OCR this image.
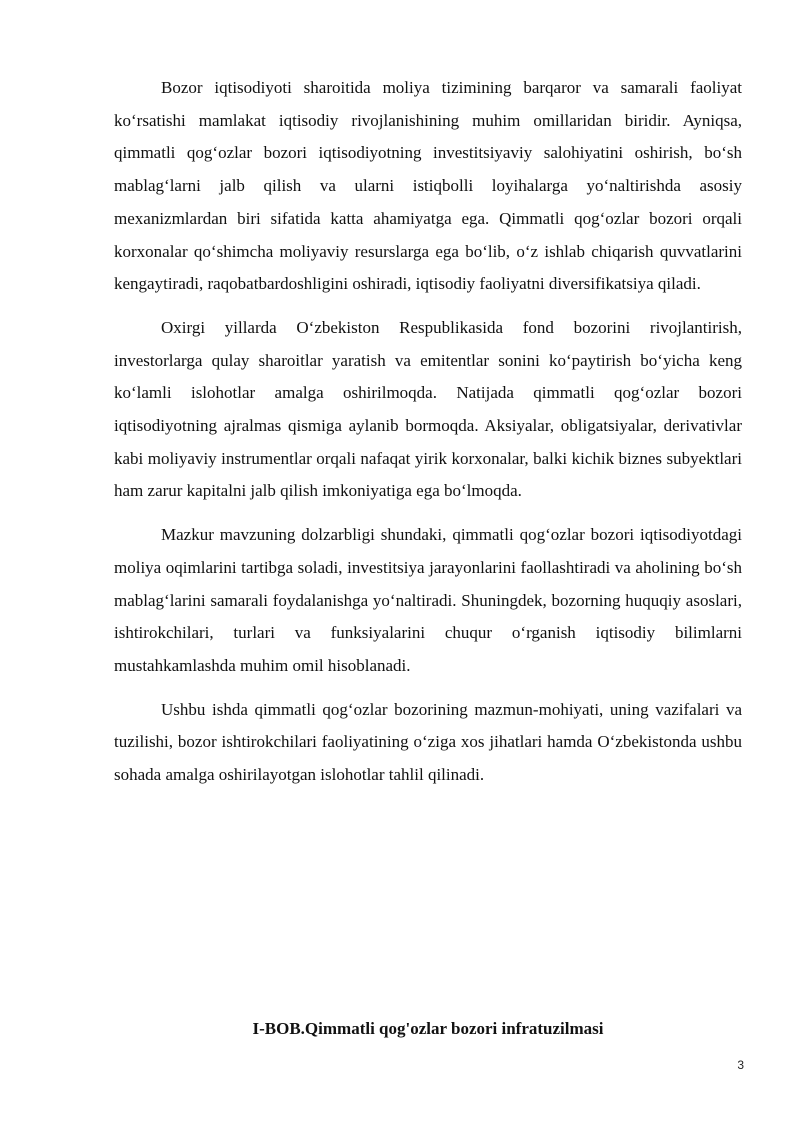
Bozor iqtisodiyoti sharoitida moliya tizimining barqaror va samarali faoliyat ko‘rsatishi mamlakat iqtisodiy rivojlanishining muhim omillaridan biridir. Ayniqsa, qimmatli qog‘ozlar bozori iqtisodiyotning investitsiyaviy salohiyatini oshirish, bo‘sh mablag‘larni jalb qilish va ularni istiqbolli loyihalarga yo‘naltirishda asosiy mexanizmlardan biri sifatida katta ahamiyatga ega. Qimmatli qog‘ozlar bozori orqali korxonalar qo‘shimcha moliyaviy resurslarga ega bo‘lib, o‘z ishlab chiqarish quvvatlarini kengaytiradi, raqobatbardoshligini oshiradi, iqtisodiy faoliyatni diversifikatsiya qiladi.

Oxirgi yillarda O‘zbekiston Respublikasida fond bozorini rivojlantirish, investorlarga qulay sharoitlar yaratish va emitentlar sonini ko‘paytirish bo‘yicha keng ko‘lamli islohotlar amalga oshirilmoqda. Natijada qimmatli qog‘ozlar bozori iqtisodiyotning ajralmas qismiga aylanib bormoqda. Aksiyalar, obligatsiyalar, derivativlar kabi moliyaviy instrumentlar orqali nafaqat yirik korxonalar, balki kichik biznes subyektlari ham zarur kapitalni jalb qilish imkoniyatiga ega bo‘lmoqda.

Mazkur mavzuning dolzarbligi shundaki, qimmatli qog‘ozlar bozori iqtisodiyotdagi moliya oqimlarini tartibga soladi, investitsiya jarayonlarini faollashtiradi va aholining bo‘sh mablag‘larini samarali foydalanishga yo‘naltiradi. Shuningdek, bozorning huquqiy asoslari, ishtirokchilari, turlari va funksiyalarini chuqur o‘rganish iqtisodiy bilimlarni mustahkamlashda muhim omil hisoblanadi.

Ushbu ishda qimmatli qog‘ozlar bozorining mazmun-mohiyati, uning vazifalari va tuzilishi, bozor ishtirokchilari faoliyatining o‘ziga xos jihatlari hamda O‘zbekistonda ushbu sohada amalga oshirilayotgan islohotlar tahlil qilinadi.

I-BOB.Qimmatli qog'ozlar bozori infratuzilmasi
3
